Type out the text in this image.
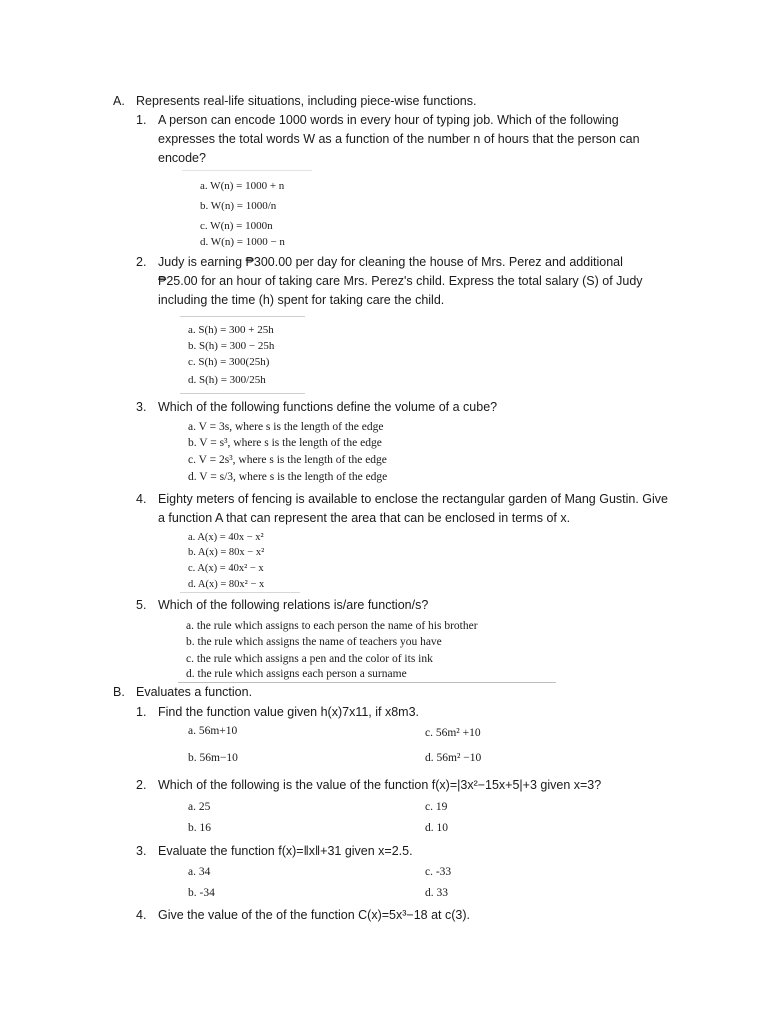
A. Represents real-life situations, including piece-wise functions.
1. A person can encode 1000 words in every hour of typing job. Which of the following
expresses the total words W as a function of the number n of hours that the person can
encode?
a. W(n) = 1000 + n
b. W(n) = 1000/n
c. W(n) = 1000n
d. W(n) = 1000 − n
2. Judy is earning ₱300.00 per day for cleaning the house of Mrs. Perez and additional
₱25.00 for an hour of taking care Mrs. Perez's child. Express the total salary (S) of Judy
including the time (h) spent for taking care the child.
a. S(h) = 300 + 25h
b. S(h) = 300 − 25h
c. S(h) = 300(25h)
d. S(h) = 300/25h
3. Which of the following functions define the volume of a cube?
a. V = 3s, where s is the length of the edge
b. V = s³, where s is the length of the edge
c. V = 2s³, where s is the length of the edge
d. V = s/3, where s is the length of the edge
4. Eighty meters of fencing is available to enclose the rectangular garden of Mang Gustin. Give
a function A that can represent the area that can be enclosed in terms of x.
a. A(x) = 40x − x²
b. A(x) = 80x − x²
c. A(x) = 40x² − x
d. A(x) = 80x² − x
5. Which of the following relations is/are function/s?
a. the rule which assigns to each person the name of his brother
b. the rule which assigns the name of teachers you have
c. the rule which assigns a pen and the color of its ink
d. the rule which assigns each person a surname
B. Evaluates a function.
1. Find the function value given h(x)7x11, if x8m3.
a. 56m+10	c. 56m² +10
b. 56m−10	d. 56m² −10
2. Which of the following is the value of the function f(x)=|3x²−15x+5|+3 given x=3?
a. 25	c. 19
b. 16	d. 10
3. Evaluate the function f(x)=‖x‖+31 given x=2.5.
a. 34	c. -33
b. -34	d. 33
4. Give the value of the of the function C(x)=5x³−18 at c(3).
